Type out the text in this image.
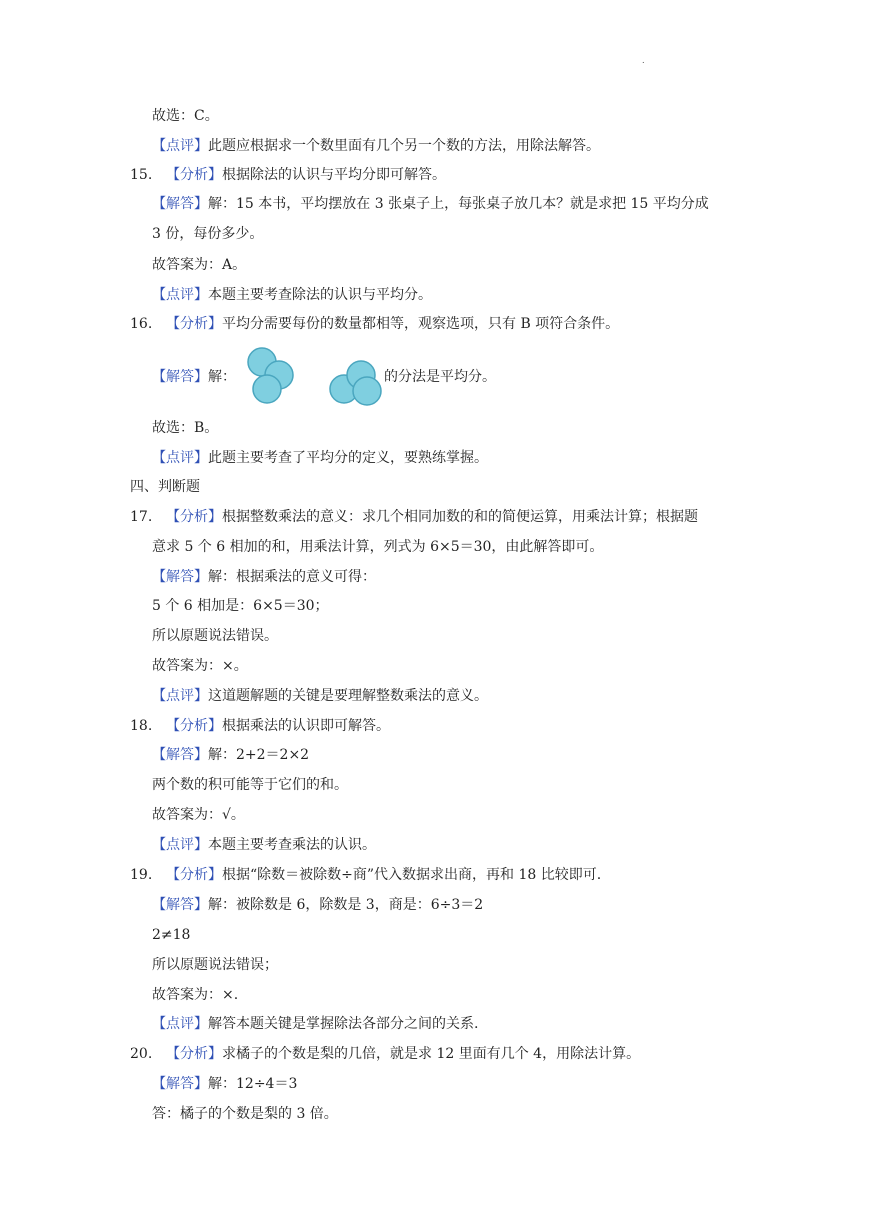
.
故选：C。
【点评】此题应根据求一个数里面有几个另一个数的方法，用除法解答。
15. 【分析】根据除法的认识与平均分即可解答。
【解答】解：15 本书，平均摆放在 3 张桌子上，每张桌子放几本？就是求把 15 平均分成
3 份，每份多少。
故答案为：A。
【点评】本题主要考查除法的认识与平均分。
16. 【分析】平均分需要每份的数量都相等，观察选项，只有 B 项符合条件。
【解答】解：	的分法是平均分。
故选：B。
【点评】此题主要考查了平均分的定义，要熟练掌握。
四、判断题
17. 【分析】根据整数乘法的意义：求几个相同加数的和的简便运算，用乘法计算；根据题
意求 5 个 6 相加的和，用乘法计算，列式为 6×5＝30，由此解答即可。
【解答】解：根据乘法的意义可得：
5 个 6 相加是：6×5＝30；
所以原题说法错误。
故答案为：×。
【点评】这道题解题的关键是要理解整数乘法的意义。
18. 【分析】根据乘法的认识即可解答。
【解答】解：2+2＝2×2
两个数的积可能等于它们的和。
故答案为：√。
【点评】本题主要考查乘法的认识。
19. 【分析】根据“除数＝被除数÷商”代入数据求出商，再和 18 比较即可.
【解答】解：被除数是 6，除数是 3，商是：6÷3＝2
2≠18
所以原题说法错误；
故答案为：×.
【点评】解答本题关键是掌握除法各部分之间的关系.
20. 【分析】求橘子的个数是梨的几倍，就是求 12 里面有几个 4，用除法计算。
【解答】解：12÷4＝3
答：橘子的个数是梨的 3 倍。
